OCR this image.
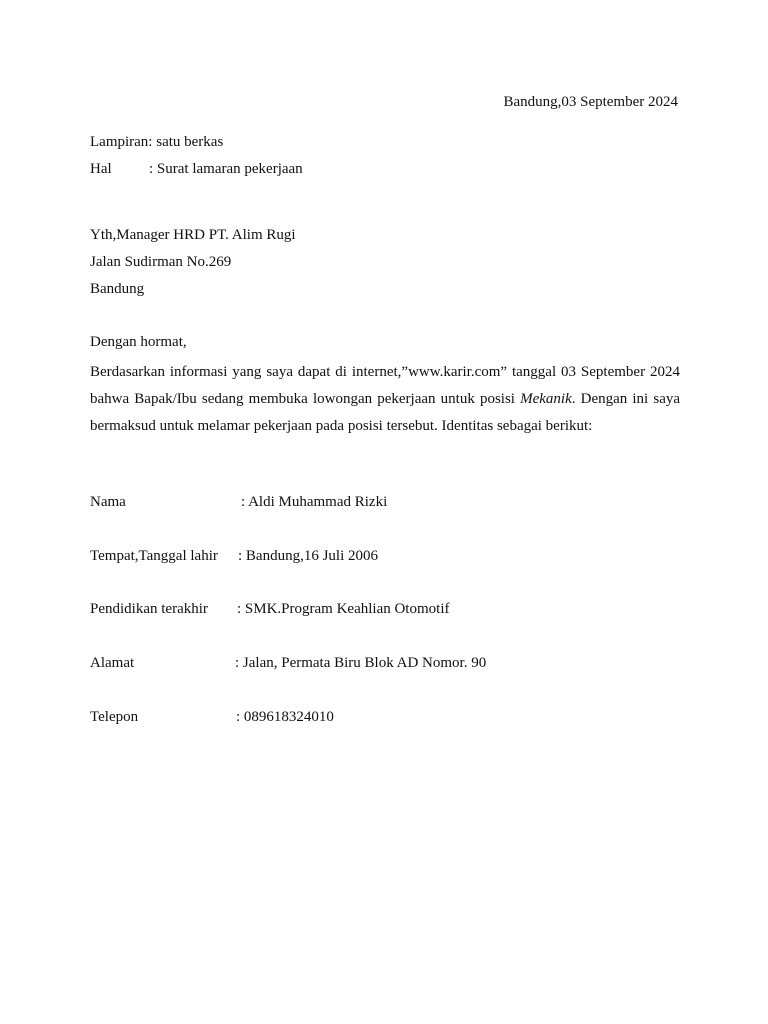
Bandung,03 September 2024
Lampiran: satu berkas
Hal : Surat lamaran pekerjaan
Yth,Manager HRD PT. Alim Rugi
Jalan Sudirman No.269
Bandung
Dengan hormat,

Berdasarkan informasi yang saya dapat di internet,”www.karir.com” tanggal 03 September 2024 bahwa Bapak/Ibu sedang membuka lowongan pekerjaan untuk posisi Mekanik. Dengan ini saya bermaksud untuk melamar pekerjaan pada posisi tersebut. Identitas sebagai berikut:

Nama	: Aldi Muhammad Rizki
Tempat,Tanggal lahir : Bandung,16 Juli 2006
Pendidikan terakhir : SMK.Program Keahlian Otomotif
Alamat	: Jalan, Permata Biru Blok AD Nomor. 90
Telepon	: 089618324010
